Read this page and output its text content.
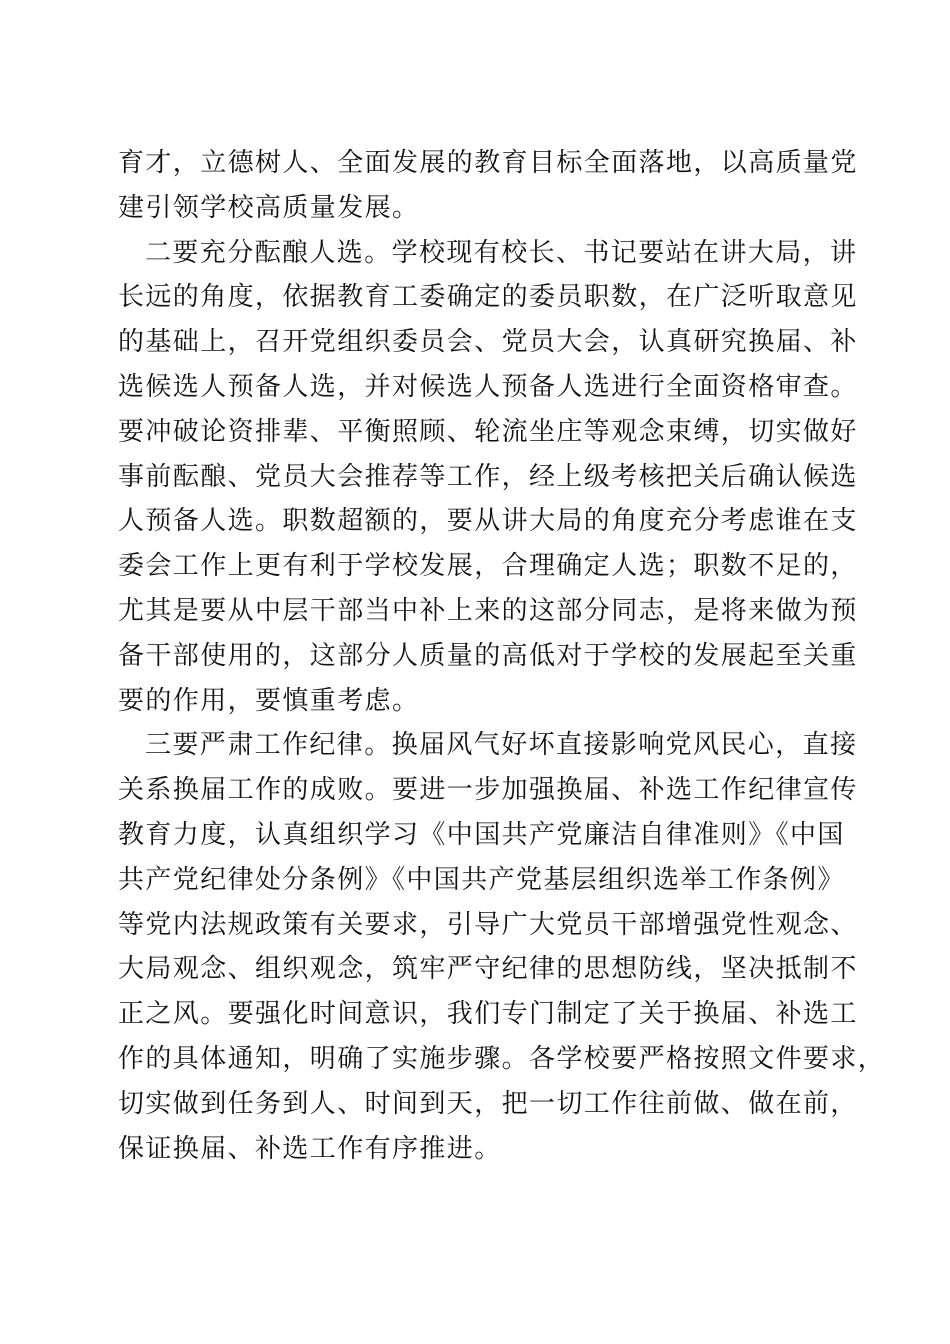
育才，立德树人、全面发展的教育目标全面落地，以高质量党
建引领学校高质量发展。
二要充分酝酿人选。学校现有校长、书记要站在讲大局，讲
长远的角度，依据教育工委确定的委员职数，在广泛听取意见
的基础上，召开党组织委员会、党员大会，认真研究换届、补
选候选人预备人选，并对候选人预备人选进行全面资格审查。
要冲破论资排辈、平衡照顾、轮流坐庄等观念束缚，切实做好
事前酝酿、党员大会推荐等工作，经上级考核把关后确认候选
人预备人选。职数超额的，要从讲大局的角度充分考虑谁在支
委会工作上更有利于学校发展，合理确定人选；职数不足的，
尤其是要从中层干部当中补上来的这部分同志，是将来做为预
备干部使用的，这部分人质量的高低对于学校的发展起至关重
要的作用，要慎重考虑。
三要严肃工作纪律。换届风气好坏直接影响党风民心，直接
关系换届工作的成败。要进一步加强换届、补选工作纪律宣传
教育力度，认真组织学习《中国共产党廉洁自律准则》《中国
共产党纪律处分条例》《中国共产党基层组织选举工作条例》
等党内法规政策有关要求，引导广大党员干部增强党性观念、
大局观念、组织观念，筑牢严守纪律的思想防线，坚决抵制不
正之风。要强化时间意识，我们专门制定了关于换届、补选工
作的具体通知，明确了实施步骤。各学校要严格按照文件要求，
切实做到任务到人、时间到天，把一切工作往前做、做在前，
保证换届、补选工作有序推进。
